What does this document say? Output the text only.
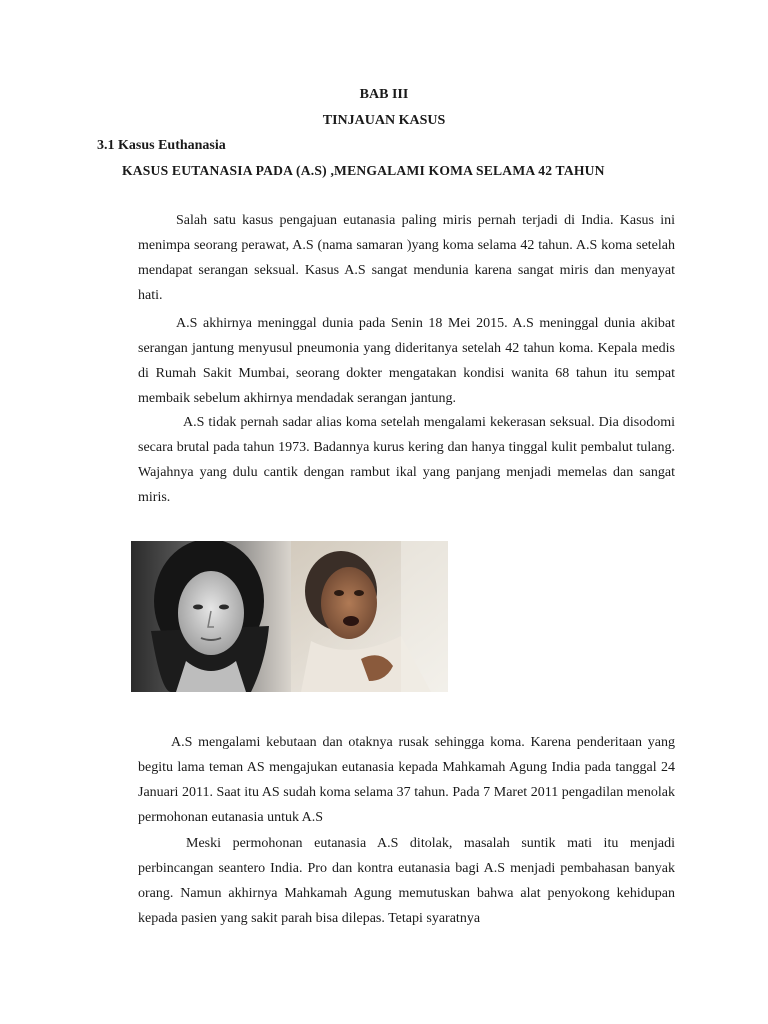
BAB III
TINJAUAN KASUS
3.1 Kasus Euthanasia
KASUS EUTANASIA PADA (A.S) ,MENGALAMI KOMA SELAMA 42 TAHUN

Salah satu kasus pengajuan eutanasia paling miris pernah terjadi di India. Kasus ini menimpa seorang perawat, A.S (nama samaran )yang koma selama 42 tahun. A.S koma setelah mendapat serangan seksual. Kasus A.S sangat mendunia karena sangat miris dan menyayat hati.

A.S akhirnya meninggal dunia pada Senin 18 Mei 2015. A.S meninggal dunia akibat serangan jantung menyusul pneumonia yang dideritanya setelah 42 tahun koma. Kepala medis di Rumah Sakit Mumbai, seorang dokter mengatakan kondisi wanita 68 tahun itu sempat membaik sebelum akhirnya mendadak serangan jantung.

A.S tidak pernah sadar alias koma setelah mengalami kekerasan seksual. Dia disodomi secara brutal pada tahun 1973. Badannya kurus kering dan hanya tinggal kulit pembalut tulang. Wajahnya yang dulu cantik dengan rambut ikal yang panjang menjadi memelas dan sangat miris.

A.S mengalami kebutaan dan otaknya rusak sehingga koma. Karena penderitaan yang begitu lama teman AS mengajukan eutanasia kepada Mahkamah Agung India pada tanggal 24 Januari 2011. Saat itu AS sudah koma selama 37 tahun. Pada 7 Maret 2011 pengadilan menolak permohonan eutanasia untuk A.S

Meski permohonan eutanasia A.S ditolak, masalah suntik mati itu menjadi perbincangan seantero India. Pro dan kontra eutanasia bagi A.S menjadi pembahasan banyak orang. Namun akhirnya Mahkamah Agung memutuskan bahwa alat penyokong kehidupan kepada pasien yang sakit parah bisa dilepas. Tetapi syaratnya
